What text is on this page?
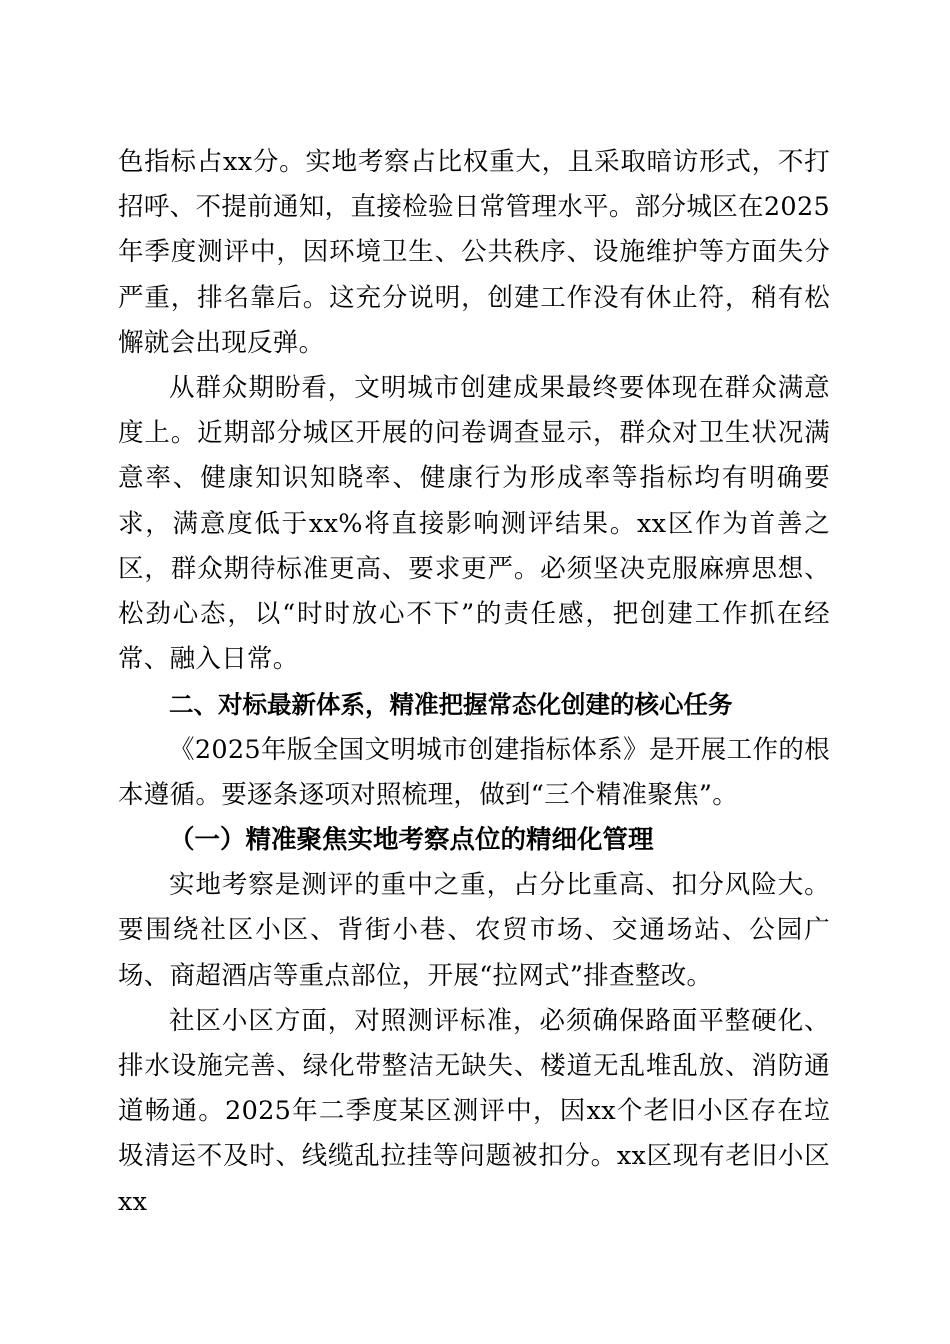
色指标占xx分。实地考察占比权重大，且采取暗访形式，不打招呼、不提前通知，直接检验日常管理水平。部分城区在2025年季度测评中，因环境卫生、公共秩序、设施维护等方面失分严重，排名靠后。这充分说明，创建工作没有休止符，稍有松懈就会出现反弹。

从群众期盼看，文明城市创建成果最终要体现在群众满意度上。近期部分城区开展的问卷调查显示，群众对卫生状况满意率、健康知识知晓率、健康行为形成率等指标均有明确要求，满意度低于xx%将直接影响测评结果。xx区作为首善之区，群众期待标准更高、要求更严。必须坚决克服麻痹思想、松劲心态，以“时时放心不下”的责任感，把创建工作抓在经常、融入日常。

二、对标最新体系，精准把握常态化创建的核心任务

《2025年版全国文明城市创建指标体系》是开展工作的根本遵循。要逐条逐项对照梳理，做到“三个精准聚焦”。

（一）精准聚焦实地考察点位的精细化管理

实地考察是测评的重中之重，占分比重高、扣分风险大。要围绕社区小区、背街小巷、农贸市场、交通场站、公园广场、商超酒店等重点部位，开展“拉网式”排查整改。

社区小区方面，对照测评标准，必须确保路面平整硬化、排水设施完善、绿化带整洁无缺失、楼道无乱堆乱放、消防通道畅通。2025年二季度某区测评中，因xx个老旧小区存在垃圾清运不及时、线缆乱拉挂等问题被扣分。xx区现有老旧小区xx
